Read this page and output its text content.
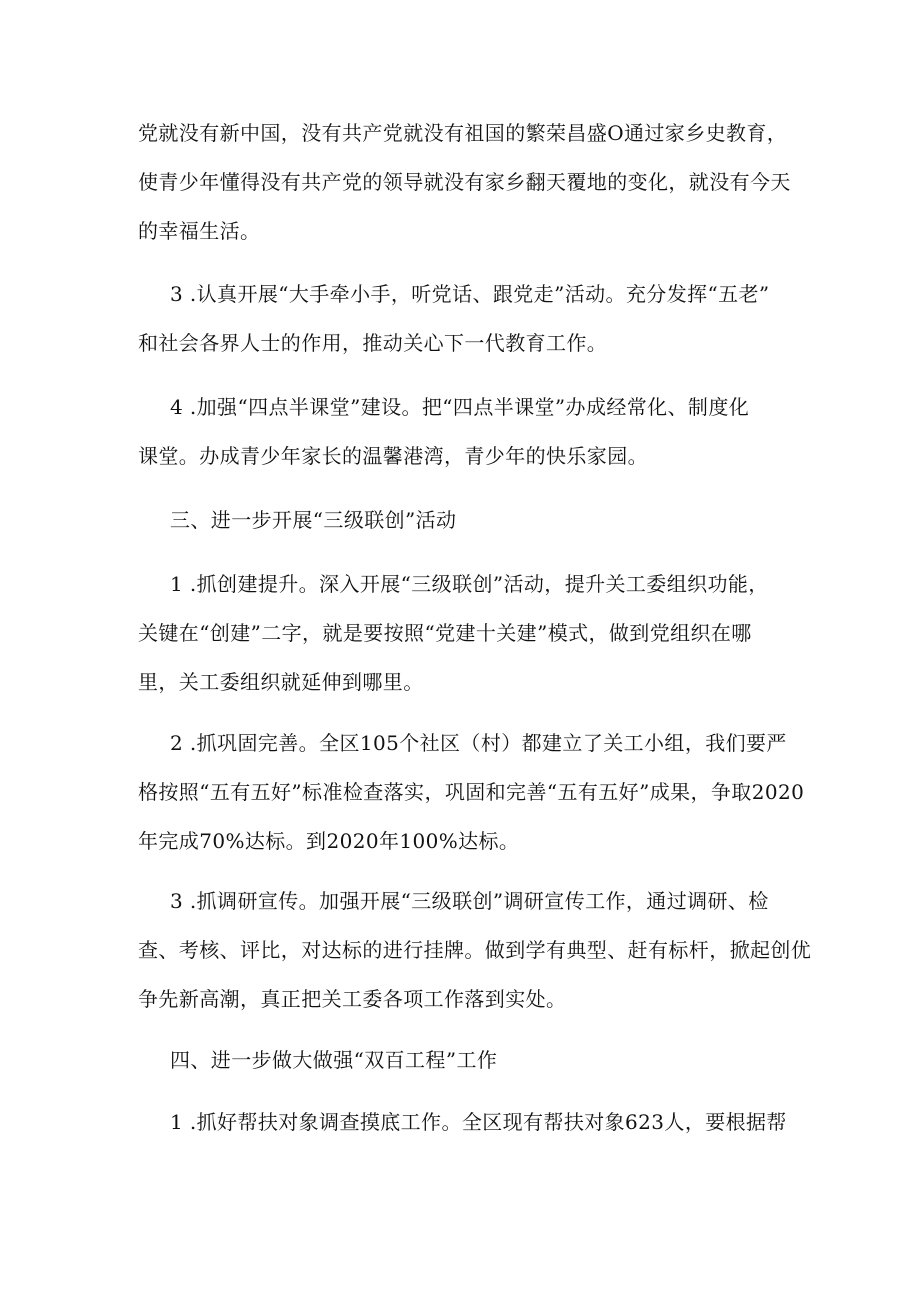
党就没有新中国，没有共产党就没有祖国的繁荣昌盛O通过家乡史教育，
使青少年懂得没有共产党的领导就没有家乡翻天覆地的变化，就没有今天
的幸福生活。

3 .认真开展“大手牵小手，听党话、跟党走”活动。充分发挥“五老”
和社会各界人士的作用，推动关心下一代教育工作。

4 .加强“四点半课堂”建设。把“四点半课堂”办成经常化、制度化
课堂。办成青少年家长的温馨港湾，青少年的快乐家园。

三、进一步开展“三级联创”活动

1 .抓创建提升。深入开展“三级联创”活动，提升关工委组织功能，
关键在“创建”二字，就是要按照“党建十关建”模式，做到党组织在哪
里，关工委组织就延伸到哪里。

2 .抓巩固完善。全区105个社区（村）都建立了关工小组，我们要严
格按照“五有五好”标准检查落实，巩固和完善“五有五好”成果，争取2020
年完成70%达标。到2020年100%达标。

3 .抓调研宣传。加强开展“三级联创”调研宣传工作，通过调研、检
查、考核、评比，对达标的进行挂牌。做到学有典型、赶有标杆，掀起创优
争先新高潮，真正把关工委各项工作落到实处。

四、进一步做大做强“双百工程”工作

1 .抓好帮扶对象调查摸底工作。全区现有帮扶对象623人，要根据帮
